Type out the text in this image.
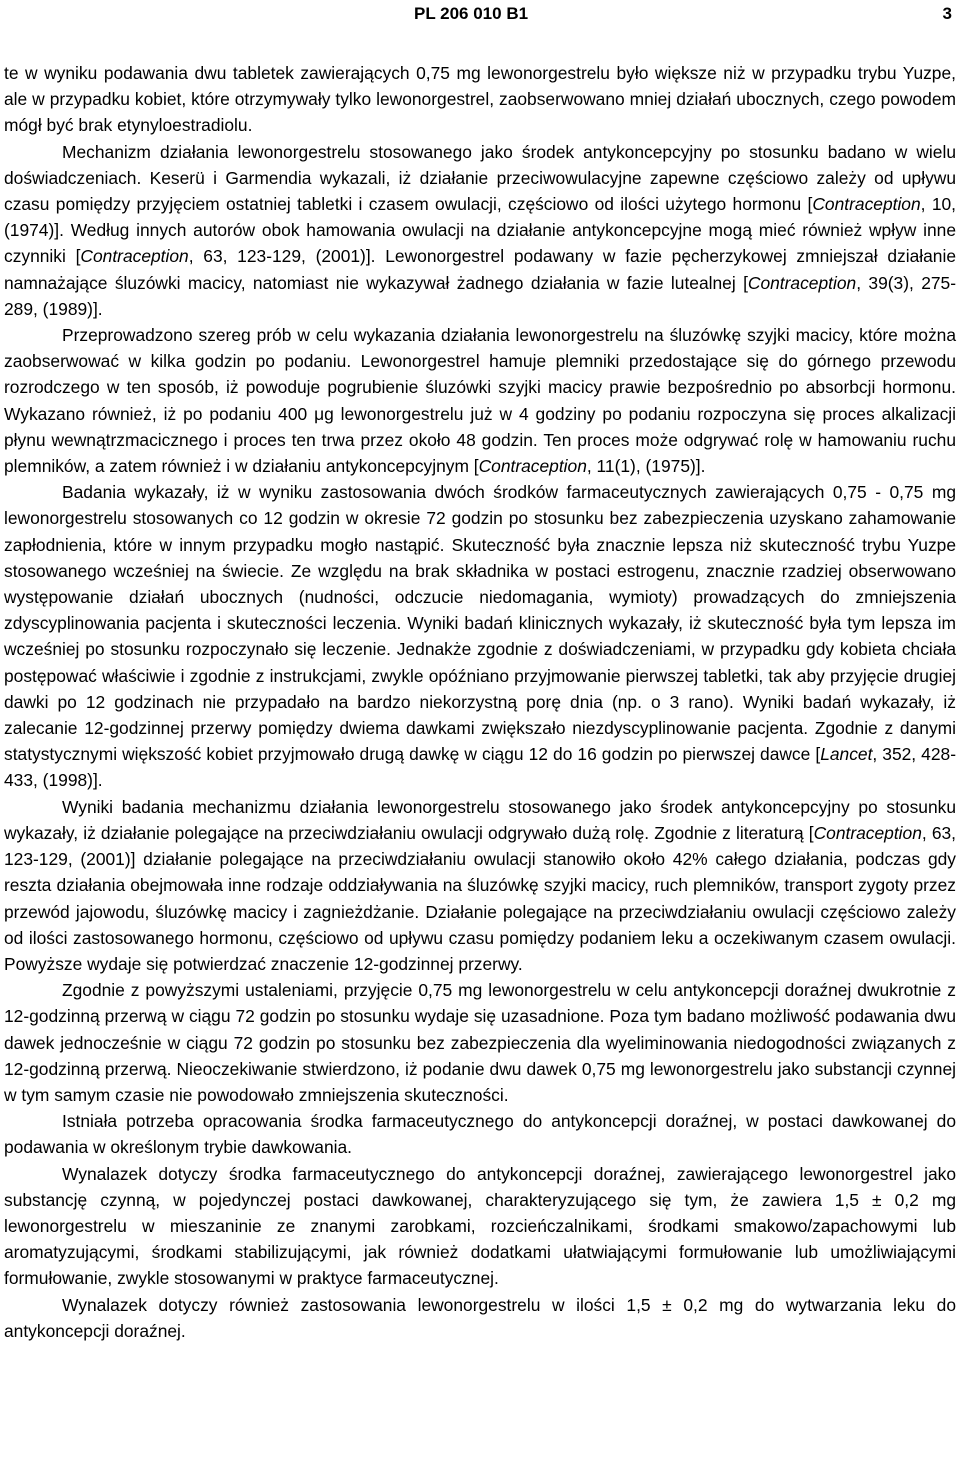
PL 206 010 B1	3

te w wyniku podawania dwu tabletek zawierających 0,75 mg lewonorgestrelu było większe niż w przypadku trybu Yuzpe, ale w przypadku kobiet, które otrzymywały tylko lewonorgestrel, zaobserwowano mniej działań ubocznych, czego powodem mógł być brak etynyloestradiolu.

Mechanizm działania lewonorgestrelu stosowanego jako środek antykoncepcyjny po stosunku badano w wielu doświadczeniach. Keserü i Garmendia wykazali, iż działanie przeciwowulacyjne zapewne częściowo zależy od upływu czasu pomiędzy przyjęciem ostatniej tabletki i czasem owulacji, częściowo od ilości użytego hormonu [Contraception, 10, (1974)]. Według innych autorów obok hamowania owulacji na działanie antykoncepcyjne mogą mieć również wpływ inne czynniki [Contraception, 63, 123-129, (2001)]. Lewonorgestrel podawany w fazie pęcherzykowej zmniejszał działanie namnażające śluzówki macicy, natomiast nie wykazywał żadnego działania w fazie lutealnej [Contraception, 39(3), 275-289, (1989)].

Przeprowadzono szereg prób w celu wykazania działania lewonorgestrelu na śluzówkę szyjki macicy, które można zaobserwować w kilka godzin po podaniu. Lewonorgestrel hamuje plemniki przedostające się do górnego przewodu rozrodczego w ten sposób, iż powoduje pogrubienie śluzówki szyjki macicy prawie bezpośrednio po absorbcji hormonu. Wykazano również, iż po podaniu 400 μg lewonorgestrelu już w 4 godziny po podaniu rozpoczyna się proces alkalizacji płynu wewnątrzmacicznego i proces ten trwa przez około 48 godzin. Ten proces może odgrywać rolę w hamowaniu ruchu plemników, a zatem również i w działaniu antykoncepcyjnym [Contraception, 11(1), (1975)].

Badania wykazały, iż w wyniku zastosowania dwóch środków farmaceutycznych zawierających 0,75 - 0,75 mg lewonorgestrelu stosowanych co 12 godzin w okresie 72 godzin po stosunku bez zabezpieczenia uzyskano zahamowanie zapłodnienia, które w innym przypadku mogło nastąpić. Skuteczność była znacznie lepsza niż skuteczność trybu Yuzpe stosowanego wcześniej na świecie. Ze względu na brak składnika w postaci estrogenu, znacznie rzadziej obserwowano występowanie działań ubocznych (nudności, odczucie niedomagania, wymioty) prowadzących do zmniejszenia zdyscyplinowania pacjenta i skuteczności leczenia. Wyniki badań klinicznych wykazały, iż skuteczność była tym lepsza im wcześniej po stosunku rozpoczynało się leczenie. Jednakże zgodnie z doświadczeniami, w przypadku gdy kobieta chciała postępować właściwie i zgodnie z instrukcjami, zwykle opóźniano przyjmowanie pierwszej tabletki, tak aby przyjęcie drugiej dawki po 12 godzinach nie przypadało na bardzo niekorzystną porę dnia (np. o 3 rano). Wyniki badań wykazały, iż zalecanie 12-godzinnej przerwy pomiędzy dwiema dawkami zwiększało niezdyscyplinowanie pacjenta. Zgodnie z danymi statystycznymi większość kobiet przyjmowało drugą dawkę w ciągu 12 do 16 godzin po pierwszej dawce [Lancet, 352, 428-433, (1998)].

Wyniki badania mechanizmu działania lewonorgestrelu stosowanego jako środek antykoncepcyjny po stosunku wykazały, iż działanie polegające na przeciwdziałaniu owulacji odgrywało dużą rolę. Zgodnie z literaturą [Contraception, 63, 123-129, (2001)] działanie polegające na przeciwdziałaniu owulacji stanowiło około 42% całego działania, podczas gdy reszta działania obejmowała inne rodzaje oddziaływania na śluzówkę szyjki macicy, ruch plemników, transport zygoty przez przewód jajowodu, śluzówkę macicy i zagnieżdżanie. Działanie polegające na przeciwdziałaniu owulacji częściowo zależy od ilości zastosowanego hormonu, częściowo od upływu czasu pomiędzy podaniem leku a oczekiwanym czasem owulacji. Powyższe wydaje się potwierdzać znaczenie 12-godzinnej przerwy.

Zgodnie z powyższymi ustaleniami, przyjęcie 0,75 mg lewonorgestrelu w celu antykoncepcji doraźnej dwukrotnie z 12-godzinną przerwą w ciągu 72 godzin po stosunku wydaje się uzasadnione. Poza tym badano możliwość podawania dwu dawek jednocześnie w ciągu 72 godzin po stosunku bez zabezpieczenia dla wyeliminowania niedogodności związanych z 12-godzinną przerwą. Nieoczekiwanie stwierdzono, iż podanie dwu dawek 0,75 mg lewonorgestrelu jako substancji czynnej w tym samym czasie nie powodowało zmniejszenia skuteczności.

Istniała potrzeba opracowania środka farmaceutycznego do antykoncepcji doraźnej, w postaci dawkowanej do podawania w określonym trybie dawkowania.

Wynalazek dotyczy środka farmaceutycznego do antykoncepcji doraźnej, zawierającego lewonorgestrel jako substancję czynną, w pojedynczej postaci dawkowanej, charakteryzującego się tym, że zawiera 1,5 ± 0,2 mg lewonorgestrelu w mieszaninie ze znanymi zarobkami, rozcieńczalnikami, środkami smakowo/zapachowymi lub aromatyzującymi, środkami stabilizującymi, jak również dodatkami ułatwiającymi formułowanie lub umożliwiającymi formułowanie, zwykle stosowanymi w praktyce farmaceutycznej.

Wynalazek dotyczy również zastosowania lewonorgestrelu w ilości 1,5 ± 0,2 mg do wytwarzania leku do antykoncepcji doraźnej.
